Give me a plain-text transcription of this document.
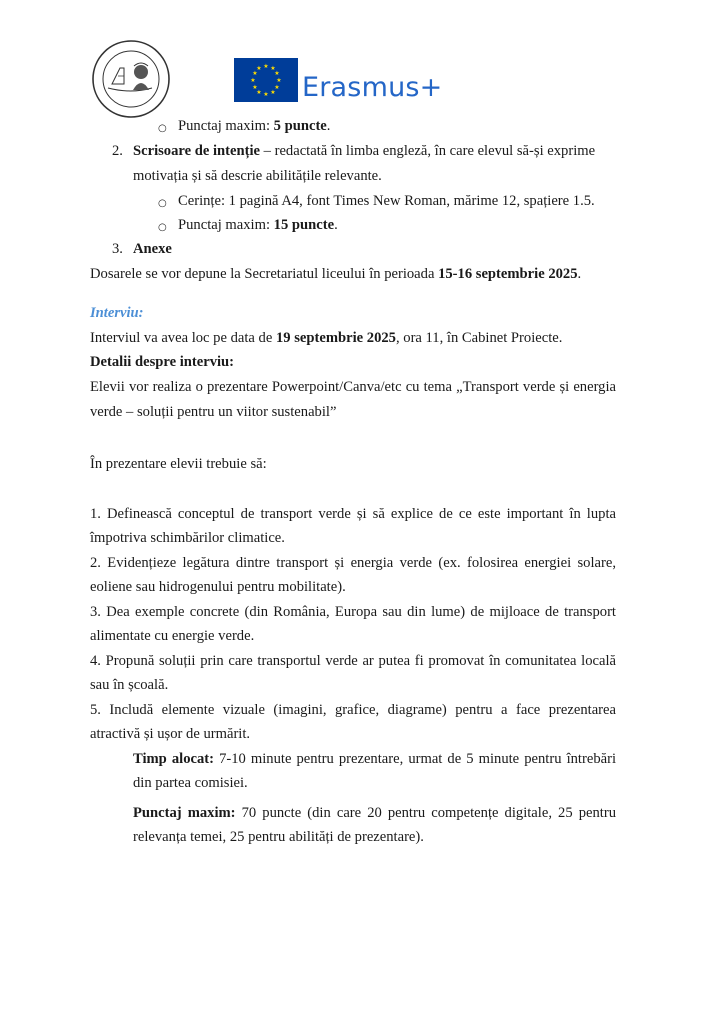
★ ★
★
★
★
★
★
★
★
★
★
★
Erasmus+
○ Punctaj maxim: 5 puncte.
2. Scrisoare de intenție – redactată în limba engleză, în care elevul să-și exprime
motivația și să descrie abilitățile relevante.
○ Cerințe: 1 pagină A4, font Times New Roman, mărime 12, spațiere 1.5.
○ Punctaj maxim: 15 puncte.
3. Anexe
Dosarele se vor depune la Secretariatul liceului în perioada 15-16 septembrie 2025.
Interviu:
Interviul va avea loc pe data de 19 septembrie 2025, ora 11, în Cabinet Proiecte.
Detalii despre interviu:
Elevii vor realiza o prezentare Powerpoint/Canva/etc cu tema „Transport verde și energia
verde – soluții pentru un viitor sustenabil”
În prezentare elevii trebuie să:
1. Definească conceptul de transport verde și să explice de ce este important în lupta
împotriva schimbărilor climatice.
2. Evidențieze legătura dintre transport și energia verde (ex. folosirea energiei solare,
eoliene sau hidrogenului pentru mobilitate).
3. Dea exemple concrete (din România, Europa sau din lume) de mijloace de transport
alimentate cu energie verde.
4. Propună soluții prin care transportul verde ar putea fi promovat în comunitatea locală
sau în școală.
5. Includă elemente vizuale (imagini, grafice, diagrame) pentru a face prezentarea
atractivă și ușor de urmărit.
Timp alocat: 7-10 minute pentru prezentare, urmat de 5 minute pentru întrebări
din partea comisiei.
Punctaj maxim: 70 puncte (din care 20 pentru competențe digitale, 25 pentru
relevanța temei, 25 pentru abilități de prezentare).
